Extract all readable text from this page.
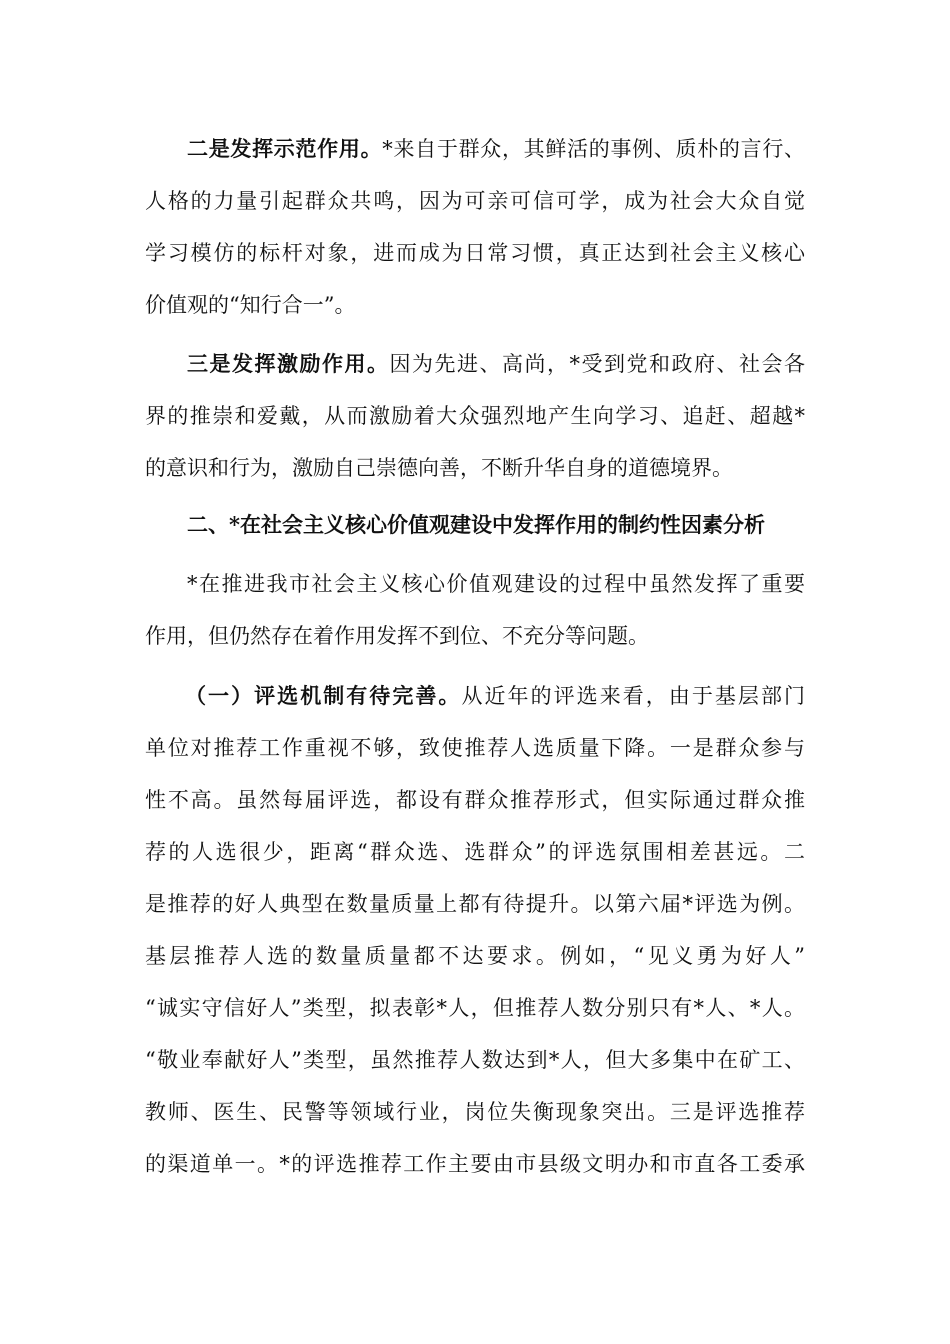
二是发挥示范作用。*来自于群众，其鲜活的事例、质朴的言行、
人格的力量引起群众共鸣，因为可亲可信可学，成为社会大众自觉
学习模仿的标杆对象，进而成为日常习惯，真正达到社会主义核心
价值观的“知行合一”。
三是发挥激励作用。因为先进、高尚，*受到党和政府、社会各
界的推崇和爱戴，从而激励着大众强烈地产生向学习、追赶、超越*
的意识和行为，激励自己崇德向善，不断升华自身的道德境界。
二、*在社会主义核心价值观建设中发挥作用的制约性因素分析
*在推进我市社会主义核心价值观建设的过程中虽然发挥了重要
作用，但仍然存在着作用发挥不到位、不充分等问题。
（一）评选机制有待完善。从近年的评选来看，由于基层部门
单位对推荐工作重视不够，致使推荐人选质量下降。一是群众参与
性不高。虽然每届评选，都设有群众推荐形式，但实际通过群众推
荐的人选很少，距离“群众选、选群众”的评选氛围相差甚远。二
是推荐的好人典型在数量质量上都有待提升。以第六届*评选为例。
基层推荐人选的数量质量都不达要求。例如，“见义勇为好人”
“诚实守信好人”类型，拟表彰*人，但推荐人数分别只有*人、*人。
“敬业奉献好人”类型，虽然推荐人数达到*人，但大多集中在矿工、
教师、医生、民警等领域行业，岗位失衡现象突出。三是评选推荐
的渠道单一。*的评选推荐工作主要由市县级文明办和市直各工委承
